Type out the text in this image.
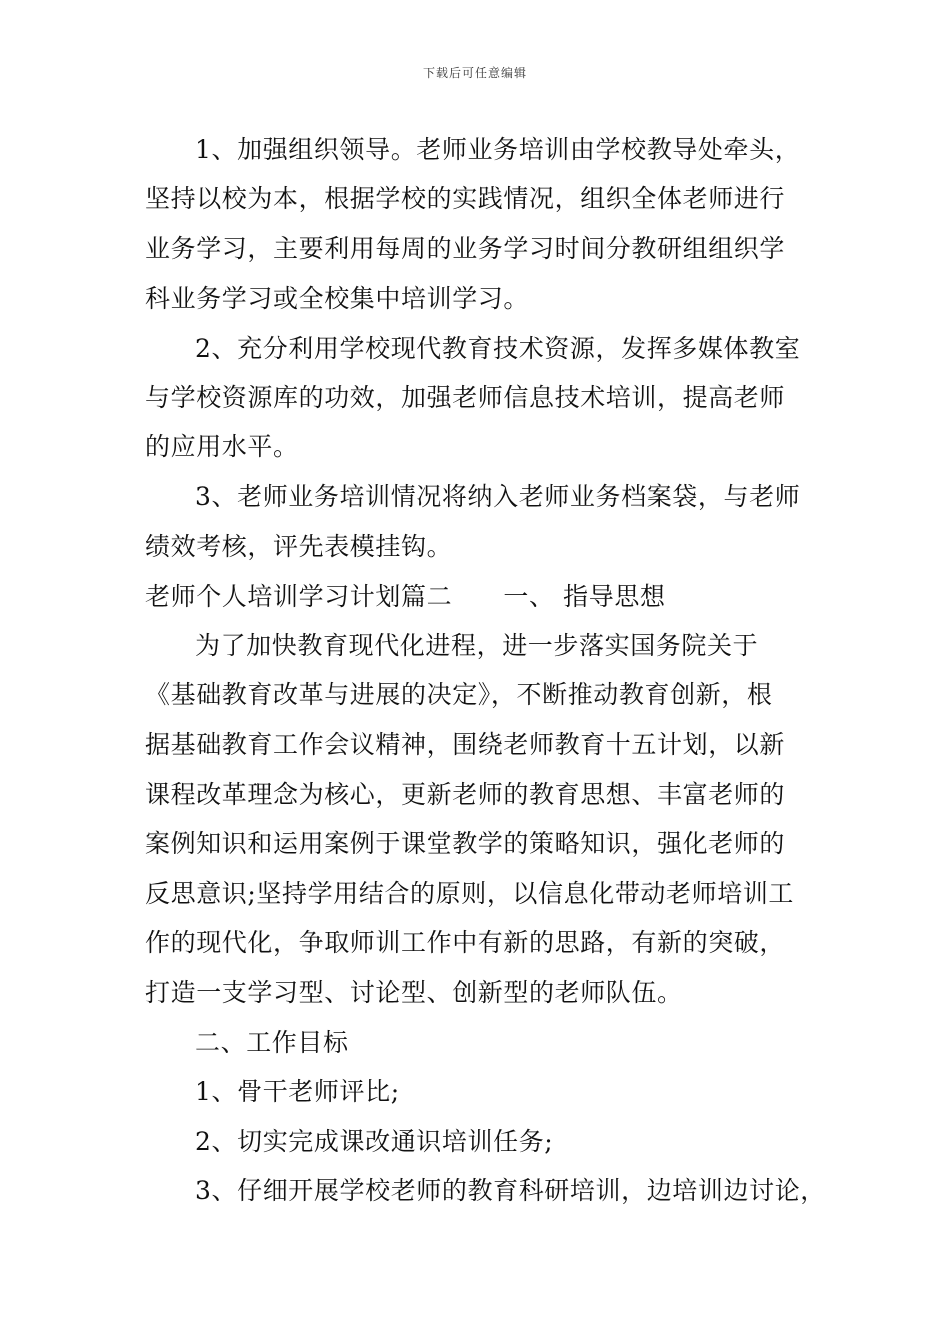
下载后可任意编辑
1、加强组织领导。老师业务培训由学校教导处牵头，
坚持以校为本，根据学校的实践情况，组织全体老师进行
业务学习，主要利用每周的业务学习时间分教研组组织学
科业务学习或全校集中培训学习。
2、充分利用学校现代教育技术资源，发挥多媒体教室
与学校资源库的功效，加强老师信息技术培训，提高老师
的应用水平。
3、老师业务培训情况将纳入老师业务档案袋，与老师
绩效考核，评先表模挂钩。
老师个人培训学习计划篇二　　一、 指导思想
为了加快教育现代化进程，进一步落实国务院关于
《基础教育改革与进展的决定》，不断推动教育创新，根
据基础教育工作会议精神，围绕老师教育十五计划，以新
课程改革理念为核心，更新老师的教育思想、丰富老师的
案例知识和运用案例于课堂教学的策略知识，强化老师的
反思意识;坚持学用结合的原则，以信息化带动老师培训工
作的现代化，争取师训工作中有新的思路，有新的突破，
打造一支学习型、讨论型、创新型的老师队伍。
二、工作目标
1、骨干老师评比;
2、切实完成课改通识培训任务;
3、仔细开展学校老师的教育科研培训，边培训边讨论，
